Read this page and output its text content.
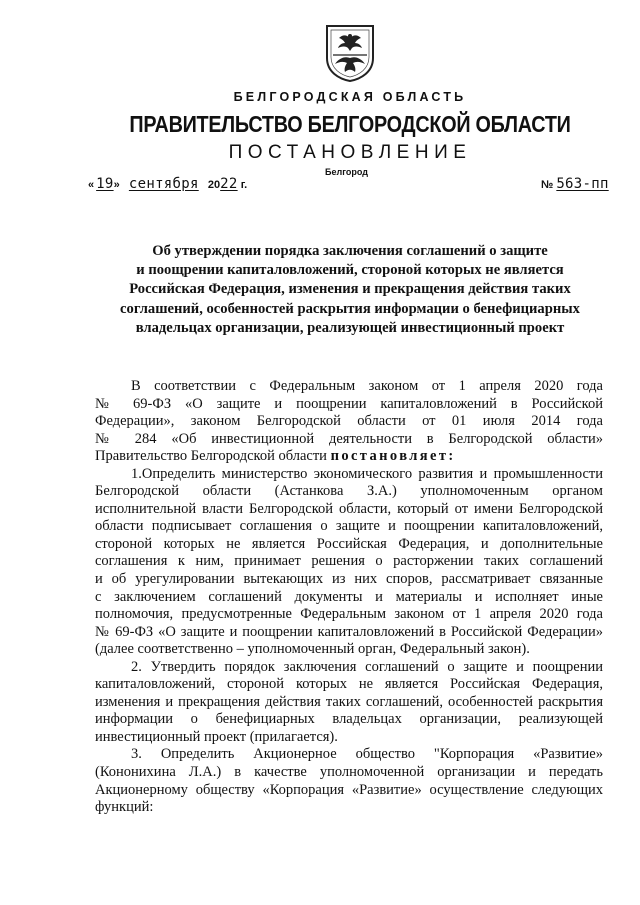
БЕЛГОРОДСКАЯ ОБЛАСТЬ
ПРАВИТЕЛЬСТВО БЕЛГОРОДСКОЙ ОБЛАСТИ
ПОСТАНОВЛЕНИЕ
Белгород
« 19» сентября 2022 г.	№ 563-пп
Об утверждении порядка заключения соглашений о защите
и поощрении капиталовложений, стороной которых не является
Российская Федерация, изменения и прекращения действия таких
соглашений, особенностей раскрытия информации о бенефициарных
владельцах организации, реализующей инвестиционный проект
В соответствии с Федеральным законом от 1 апреля 2020 года
№ 69-ФЗ «О защите и поощрении капиталовложений в Российской
Федерации», законом Белгородской области от 01 июля 2014 года
№ 284 «Об инвестиционной деятельности в Белгородской области»
Правительство Белгородской области постановляет:
1.Определить министерство экономического развития и промышленности
Белгородской области (Астанкова З.А.) уполномоченным органом
исполнительной власти Белгородской области, который от имени Белгородской
области подписывает соглашения о защите и поощрении капиталовложений,
стороной которых не является Российская Федерация, и дополнительные
соглашения к ним, принимает решения о расторжении таких соглашений
и об урегулировании вытекающих из них споров, рассматривает связанные
с заключением соглашений документы и материалы и исполняет иные
полномочия, предусмотренные Федеральным законом от 1 апреля 2020 года
№ 69-ФЗ «О защите и поощрении капиталовложений в Российской Федерации»
(далее соответственно – уполномоченный орган, Федеральный закон).
2. Утвердить порядок заключения соглашений о защите и поощрении
капиталовложений, стороной которых не является Российская Федерация,
изменения и прекращения действия таких соглашений, особенностей раскрытия
информации о бенефициарных владельцах организации, реализующей
инвестиционный проект (прилагается).
3. Определить Акционерное общество "Корпорация «Развитие»
(Кононихина Л.А.) в качестве уполномоченной организации и передать
Акционерному обществу «Корпорация «Развитие» осуществление следующих
функций:
